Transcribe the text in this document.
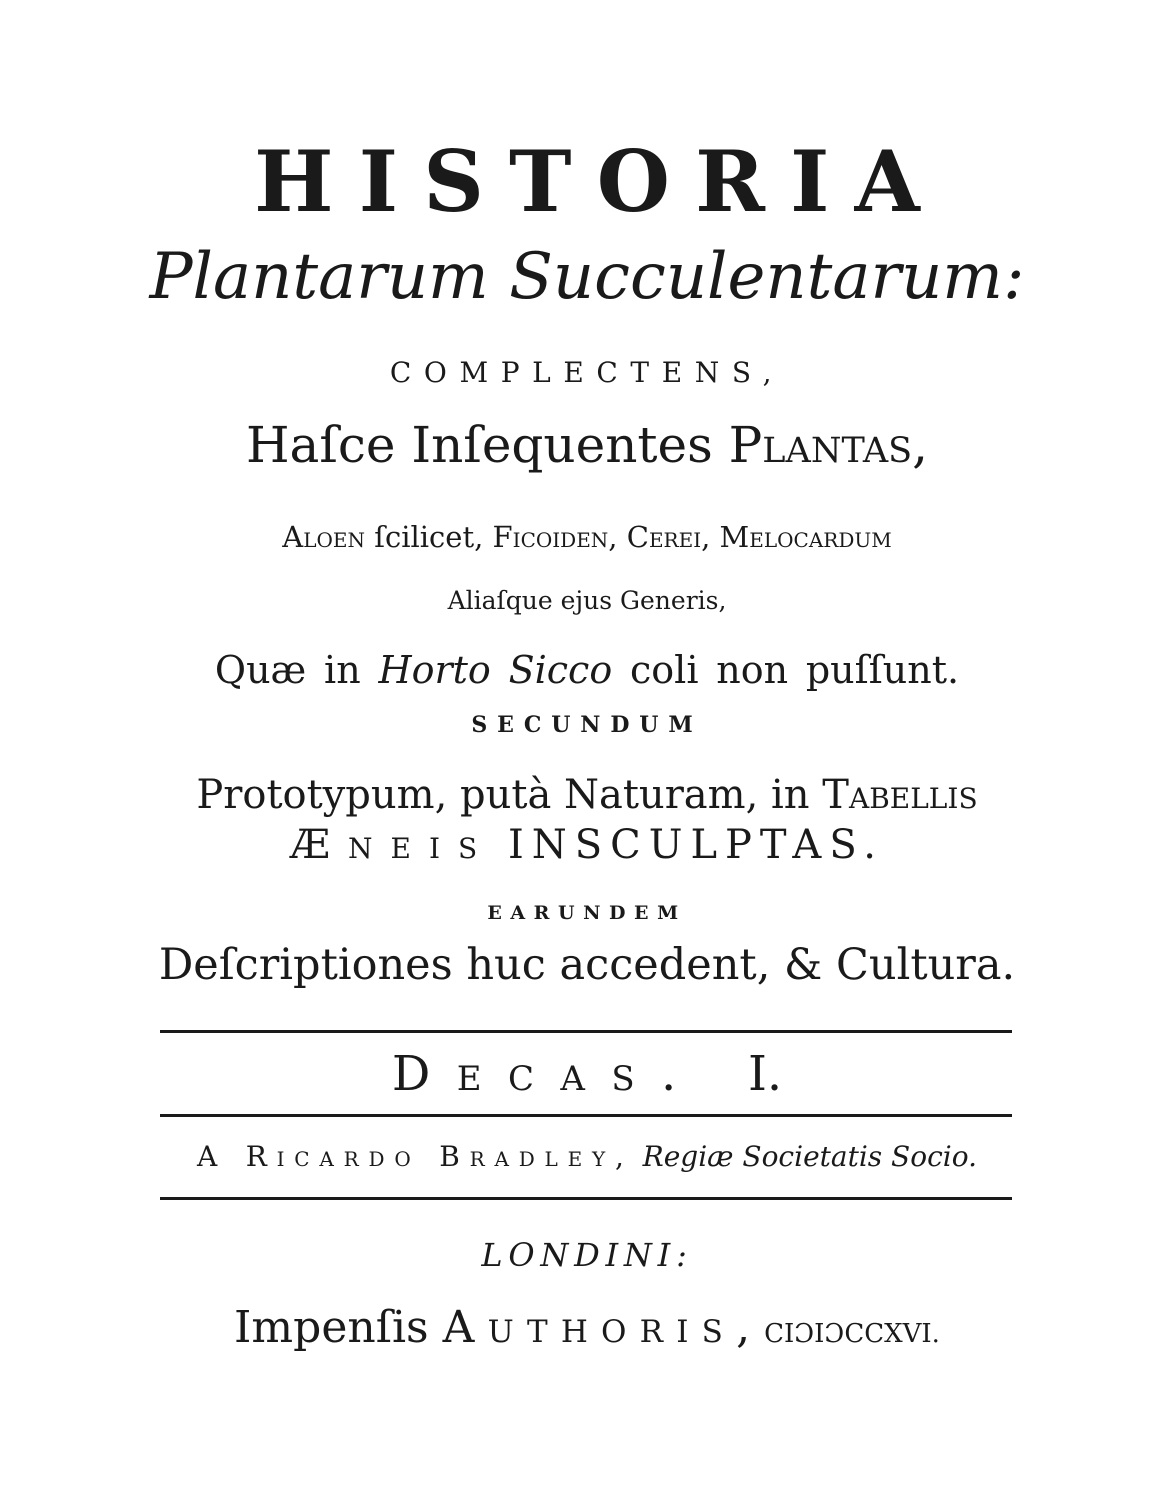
HISTORIA
Plantarum Succulentarum:
COMPLECTENS,
Haſce Inſequentes Plantas,
Aloen ſcilicet, Ficoiden, Cerei, Melocardum
Aliaſque ejus Generis,
Quæ in Horto Sicco coli non puſſunt.
SECUNDUM
Prototypum, putà Naturam, in Tabellis
Æneis INSCULPTAS.
EARUNDEM
Deſcriptiones huc accedent, & Cultura.
Decas. I.
A Ricardo Bradley, Regiæ Societatis Socio.
LONDINI:
Impenſis Authoris, CIƆIƆCCXVI.
